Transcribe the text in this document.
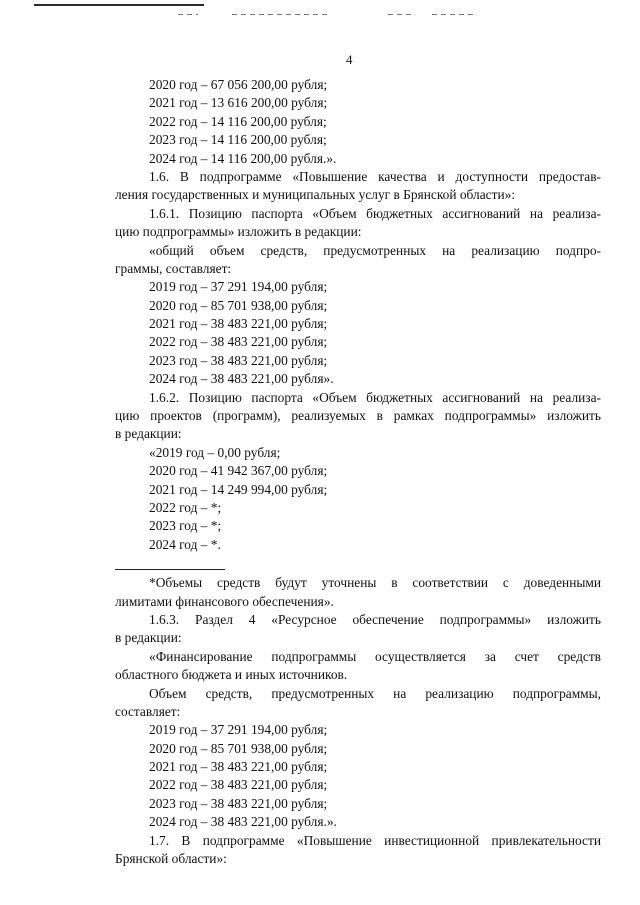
4
2020 год – 67 056 200,00 рубля;
2021 год – 13 616 200,00 рубля;
2022 год – 14 116 200,00 рубля;
2023 год – 14 116 200,00 рубля;
2024 год – 14 116 200,00 рубля.».
1.6. В подпрограмме «Повышение качества и доступности предостав-
ления государственных и муниципальных услуг в Брянской области»:
1.6.1. Позицию паспорта «Объем бюджетных ассигнований на реализа-
цию подпрограммы» изложить в редакции:
«общий объем средств, предусмотренных на реализацию подпро-
граммы, составляет:
2019 год – 37 291 194,00 рубля;
2020 год – 85 701 938,00 рубля;
2021 год – 38 483 221,00 рубля;
2022 год – 38 483 221,00 рубля;
2023 год – 38 483 221,00 рубля;
2024 год – 38 483 221,00 рубля».
1.6.2. Позицию паспорта «Объем бюджетных ассигнований на реализа-
цию проектов (программ), реализуемых в рамках подпрограммы» изложить
в редакции:
«2019 год – 0,00 рубля;
2020 год – 41 942 367,00 рубля;
2021 год – 14 249 994,00 рубля;
2022 год – *;
2023 год – *;
2024 год – *.
*Объемы средств будут уточнены в соответствии с доведенными
лимитами финансового обеспечения».
1.6.3. Раздел 4 «Ресурсное обеспечение подпрограммы» изложить
в редакции:
«Финансирование подпрограммы осуществляется за счет средств
областного бюджета и иных источников.
Объем средств, предусмотренных на реализацию подпрограммы,
составляет:
2019 год – 37 291 194,00 рубля;
2020 год – 85 701 938,00 рубля;
2021 год – 38 483 221,00 рубля;
2022 год – 38 483 221,00 рубля;
2023 год – 38 483 221,00 рубля;
2024 год – 38 483 221,00 рубля.».
1.7. В подпрограмме «Повышение инвестиционной привлекательности
Брянской области»:
